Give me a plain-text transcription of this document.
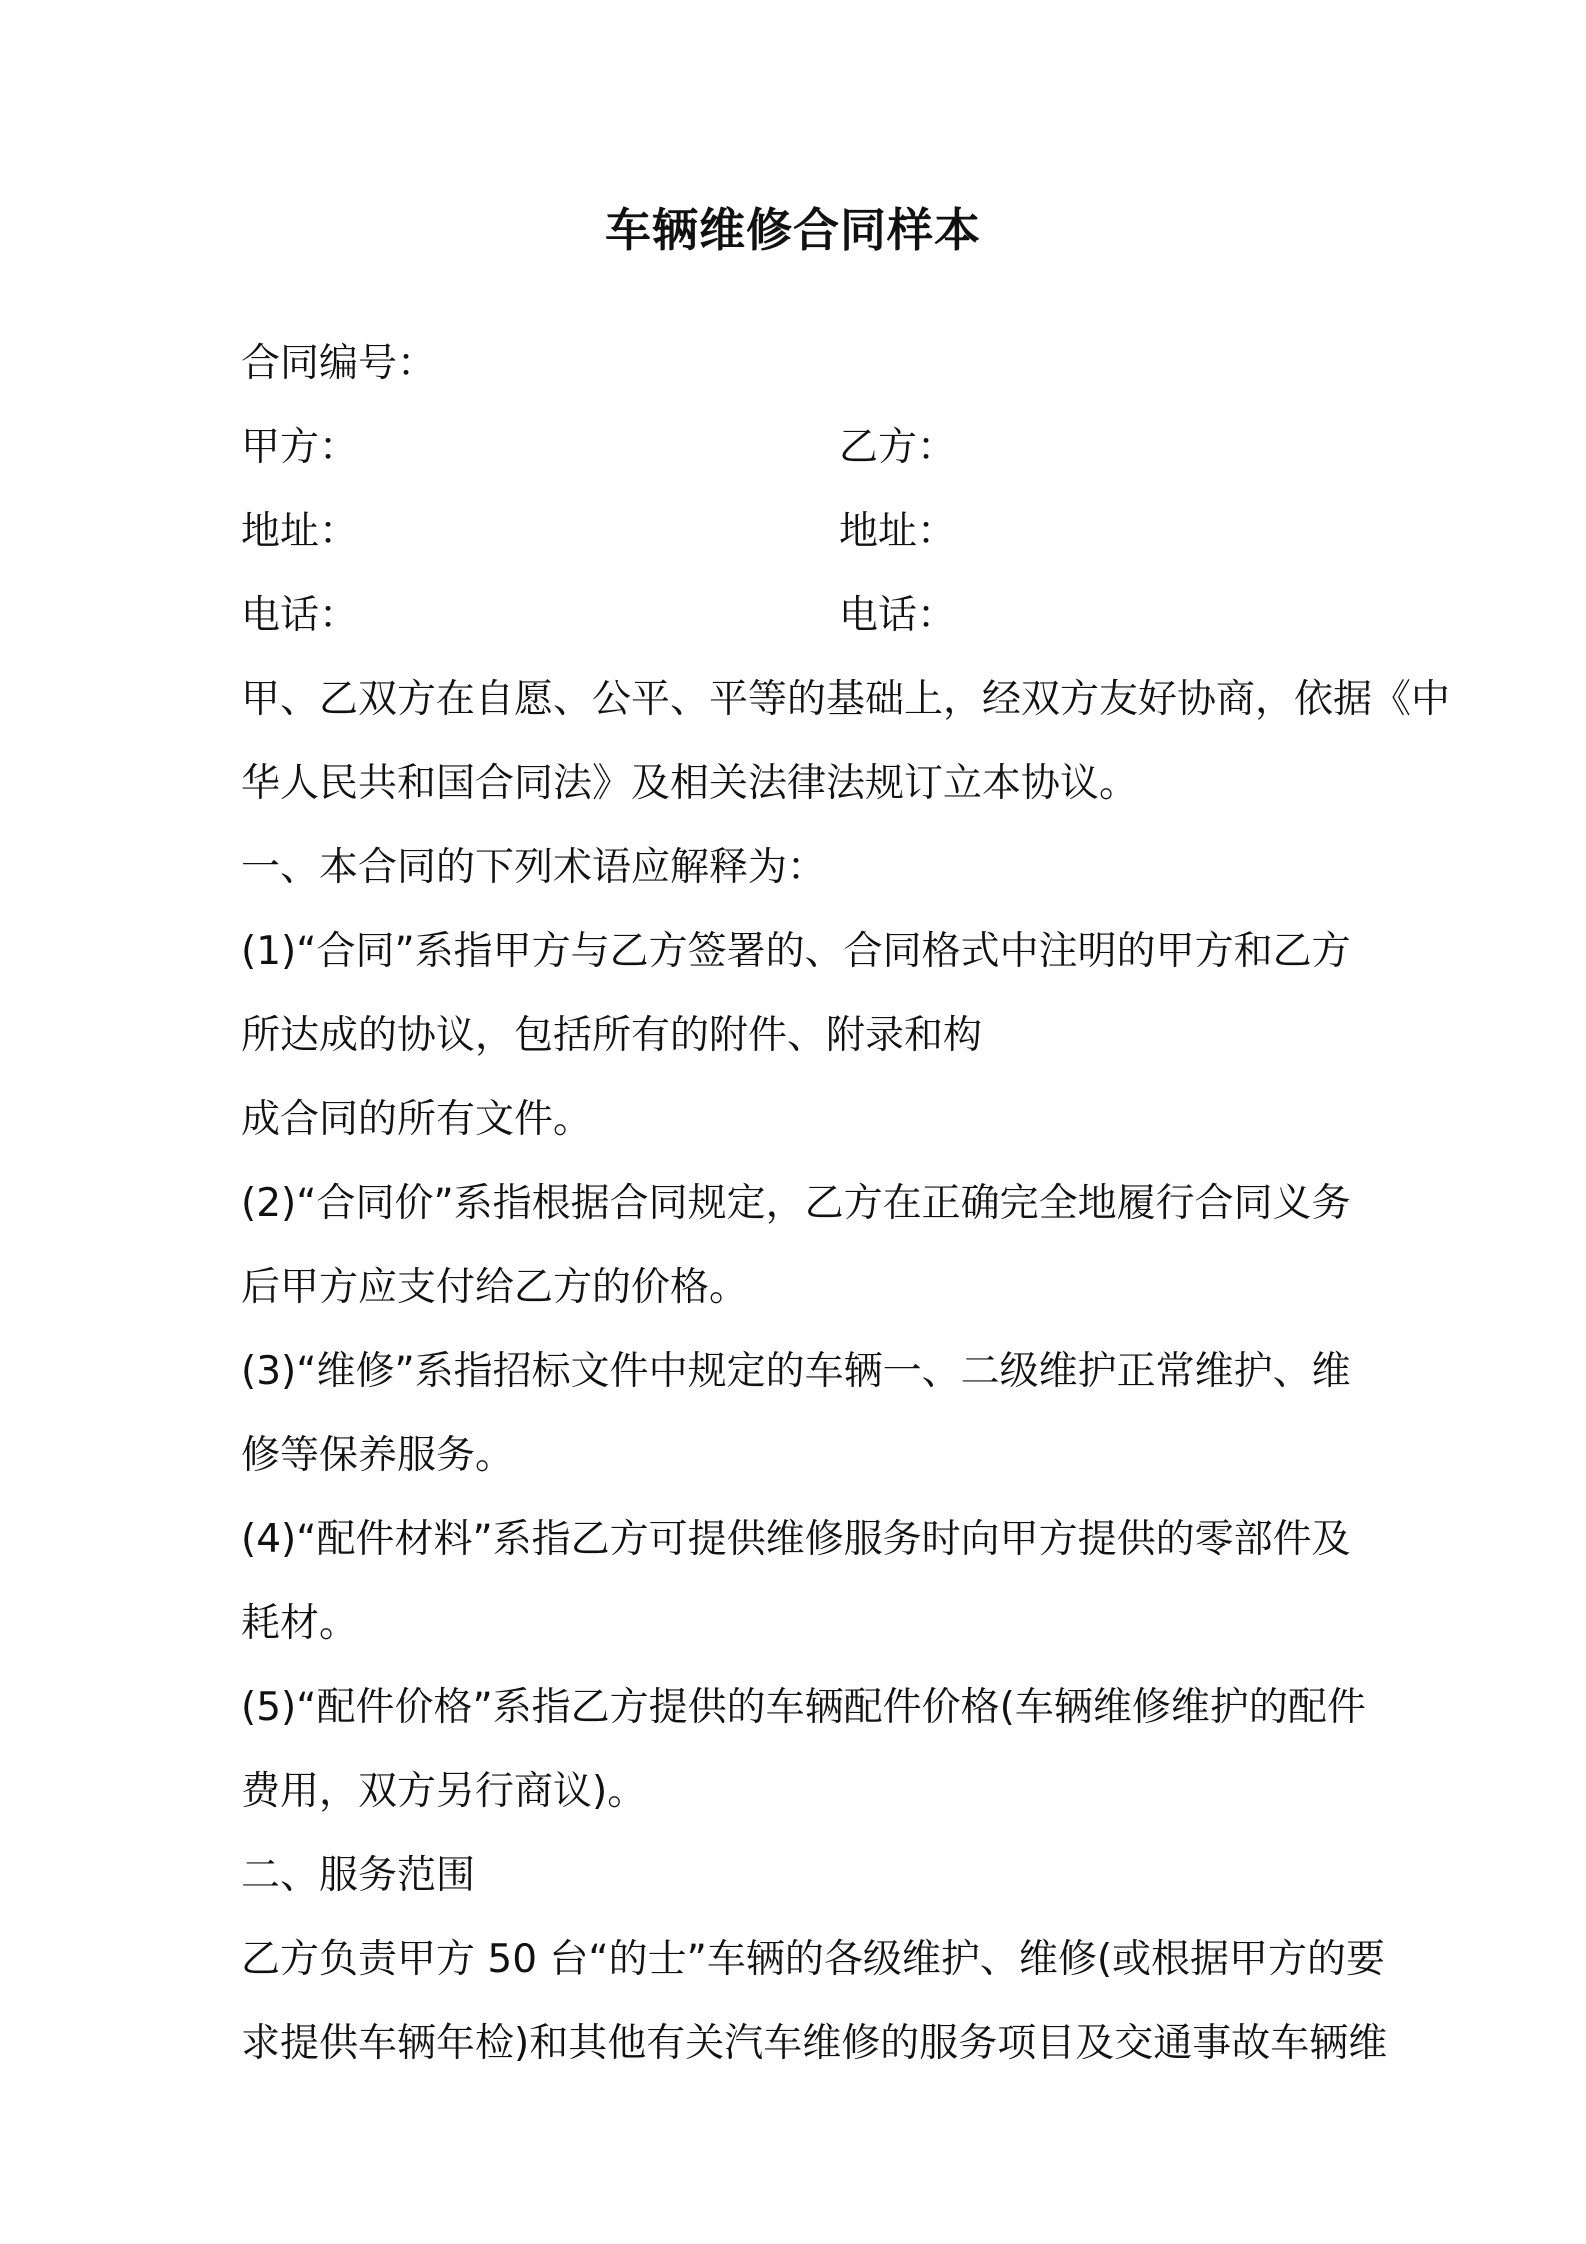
车辆维修合同样本
合同编号：
甲方：	乙方：
地址：	地址：
电话：	电话：
甲、乙双方在自愿、公平、平等的基础上，经双方友好协商，依据《中
华人民共和国合同法》及相关法律法规订立本协议。
一、本合同的下列术语应解释为：
(1)“合同”系指甲方与乙方签署的、合同格式中注明的甲方和乙方
所达成的协议，包括所有的附件、附录和构
成合同的所有文件。
(2)“合同价”系指根据合同规定，乙方在正确完全地履行合同义务
后甲方应支付给乙方的价格。
(3)“维修”系指招标文件中规定的车辆一、二级维护正常维护、维
修等保养服务。
(4)“配件材料”系指乙方可提供维修服务时向甲方提供的零部件及
耗材。
(5)“配件价格”系指乙方提供的车辆配件价格(车辆维修维护的配件
费用，双方另行商议)。
二、服务范围
乙方负责甲方 50 台“的士”车辆的各级维护、维修(或根据甲方的要
求提供车辆年检)和其他有关汽车维修的服务项目及交通事故车辆维
